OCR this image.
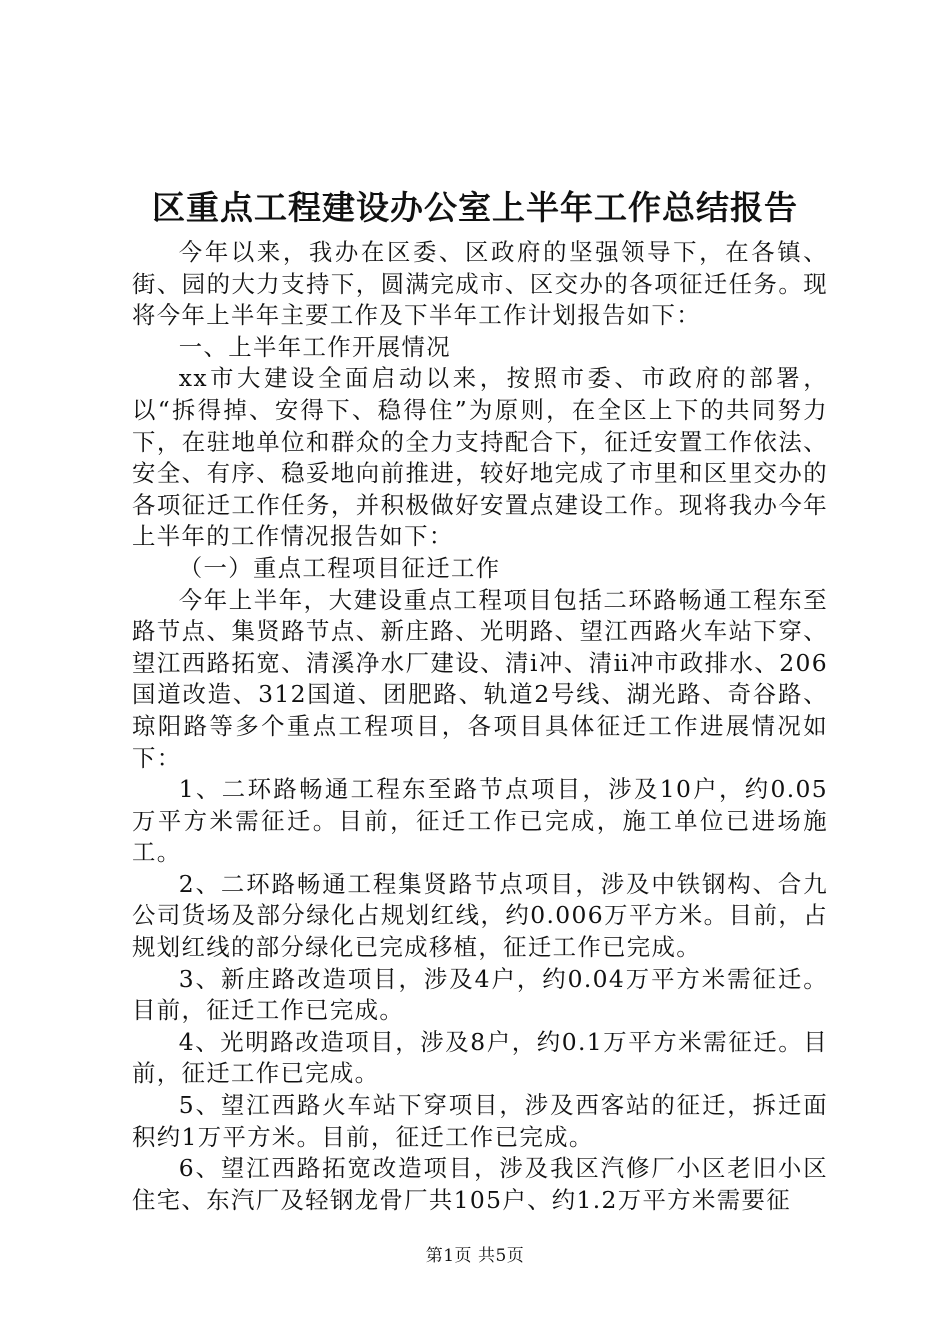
区重点工程建设办公室上半年工作总结报告

今年以来，我办在区委、区政府的坚强领导下，在各镇、街、园的大力支持下，圆满完成市、区交办的各项征迁任务。现将今年上半年主要工作及下半年工作计划报告如下：

一、上半年工作开展情况

xx市大建设全面启动以来，按照市委、市政府的部署，以“拆得掉、安得下、稳得住”为原则，在全区上下的共同努力下，在驻地单位和群众的全力支持配合下，征迁安置工作依法、安全、有序、稳妥地向前推进，较好地完成了市里和区里交办的各项征迁工作任务，并积极做好安置点建设工作。现将我办今年上半年的工作情况报告如下：

（一）重点工程项目征迁工作

今年上半年，大建设重点工程项目包括二环路畅通工程东至路节点、集贤路节点、新庄路、光明路、望江西路火车站下穿、望江西路拓宽、清溪净水厂建设、清ⅰ冲、清ⅱ冲市政排水、206国道改造、312国道、团肥路、轨道2号线、湖光路、奇谷路、琼阳路等多个重点工程项目，各项目具体征迁工作进展情况如下：

1、二环路畅通工程东至路节点项目，涉及10户，约0.05万平方米需征迁。目前，征迁工作已完成，施工单位已进场施工。

2、二环路畅通工程集贤路节点项目，涉及中铁钢构、合九公司货场及部分绿化占规划红线，约0.006万平方米。目前，占规划红线的部分绿化已完成移植，征迁工作已完成。

3、新庄路改造项目，涉及4户，约0.04万平方米需征迁。目前，征迁工作已完成。

4、光明路改造项目，涉及8户，约0.1万平方米需征迁。目前，征迁工作已完成。

5、望江西路火车站下穿项目，涉及西客站的征迁，拆迁面积约1万平方米。目前，征迁工作已完成。

6、望江西路拓宽改造项目，涉及我区汽修厂小区老旧小区住宅、东汽厂及轻钢龙骨厂共105户、约1.2万平方米需要征

第1页 共5页
